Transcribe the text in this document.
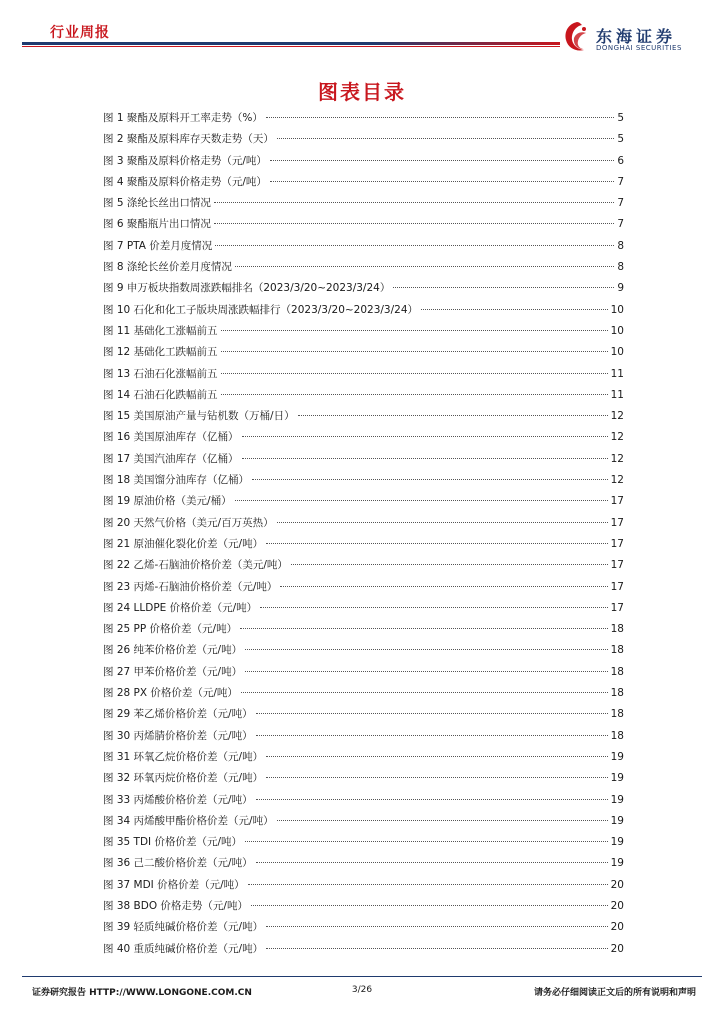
行业周报	东海证券
DONGHAI SECURITIES
图表目录
图 1 聚酯及原料开工率走势（%）	5
图 2 聚酯及原料库存天数走势（天）	5
图 3 聚酯及原料价格走势（元/吨）	6
图 4 聚酯及原料价格走势（元/吨）	7
图 5 涤纶长丝出口情况	7
图 6 聚酯瓶片出口情况	7
图 7 PTA 价差月度情况	8
图 8 涤纶长丝价差月度情况	8
图 9 申万板块指数周涨跌幅排名（2023/3/20~2023/3/24）	9
图 10 石化和化工子版块周涨跌幅排行（2023/3/20~2023/3/24）	10
图 11 基础化工涨幅前五	10
图 12 基础化工跌幅前五	10
图 13 石油石化涨幅前五	11
图 14 石油石化跌幅前五	11
图 15 美国原油产量与钻机数（万桶/日）	12
图 16 美国原油库存（亿桶）	12
图 17 美国汽油库存（亿桶）	12
图 18 美国馏分油库存（亿桶）	12
图 19 原油价格（美元/桶）	17
图 20 天然气价格（美元/百万英热）	17
图 21 原油催化裂化价差（元/吨）	17
图 22 乙烯-石脑油价格价差（美元/吨）	17
图 23 丙烯-石脑油价格价差（元/吨）	17
图 24 LLDPE 价格价差（元/吨）	17
图 25 PP 价格价差（元/吨）	18
图 26 纯苯价格价差（元/吨）	18
图 27 甲苯价格价差（元/吨）	18
图 28 PX 价格价差（元/吨）	18
图 29 苯乙烯价格价差（元/吨）	18
图 30 丙烯腈价格价差（元/吨）	18
图 31 环氧乙烷价格价差（元/吨）	19
图 32 环氧丙烷价格价差（元/吨）	19
图 33 丙烯酸价格价差（元/吨）	19
图 34 丙烯酸甲酯价格价差（元/吨）	19
图 35 TDI 价格价差（元/吨）	19
图 36 己二酸价格价差（元/吨）	19
图 37 MDI 价格价差（元/吨）	20
图 38 BDO 价格走势（元/吨）	20
图 39 轻质纯碱价格价差（元/吨）	20
图 40 重质纯碱价格价差（元/吨）	20
证券研究报告 HTTP://WWW.LONGONE.COM.CN	3/26	请务必仔细阅读正文后的所有说明和声明
